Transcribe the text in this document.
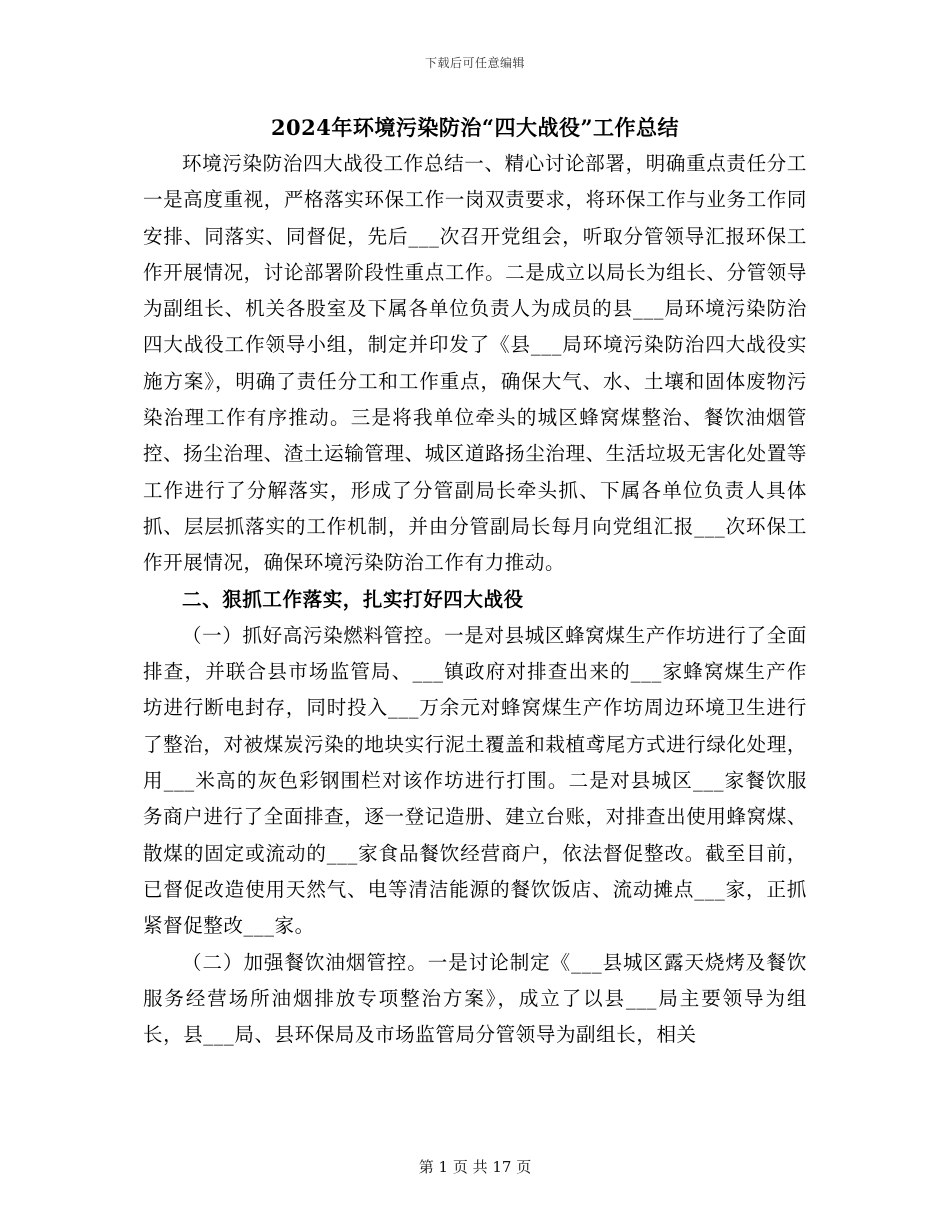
下载后可任意编辑
2024年环境污染防治“四大战役”工作总结

环境污染防治四大战役工作总结一、精心讨论部署，明确重点责任分工一是高度重视，严格落实环保工作一岗双责要求，将环保工作与业务工作同安排、同落实、同督促，先后___次召开党组会，听取分管领导汇报环保工作开展情况，讨论部署阶段性重点工作。二是成立以局长为组长、分管领导为副组长、机关各股室及下属各单位负责人为成员的县___局环境污染防治四大战役工作领导小组，制定并印发了《县___局环境污染防治四大战役实施方案》，明确了责任分工和工作重点，确保大气、水、土壤和固体废物污染治理工作有序推动。三是将我单位牵头的城区蜂窝煤整治、餐饮油烟管控、扬尘治理、渣土运输管理、城区道路扬尘治理、生活垃圾无害化处置等工作进行了分解落实，形成了分管副局长牵头抓、下属各单位负责人具体抓、层层抓落实的工作机制，并由分管副局长每月向党组汇报___次环保工作开展情况，确保环境污染防治工作有力推动。

二、狠抓工作落实，扎实打好四大战役

（一）抓好高污染燃料管控。一是对县城区蜂窝煤生产作坊进行了全面排查，并联合县市场监管局、___镇政府对排查出来的___家蜂窝煤生产作坊进行断电封存，同时投入___万余元对蜂窝煤生产作坊周边环境卫生进行了整治，对被煤炭污染的地块实行泥土覆盖和栽植鸢尾方式进行绿化处理，用___米高的灰色彩钢围栏对该作坊进行打围。二是对县城区___家餐饮服务商户进行了全面排查，逐一登记造册、建立台账，对排查出使用蜂窝煤、散煤的固定或流动的___家食品餐饮经营商户，依法督促整改。截至目前，已督促改造使用天然气、电等清洁能源的餐饮饭店、流动摊点___家，正抓紧督促整改___家。

（二）加强餐饮油烟管控。一是讨论制定《___县城区露天烧烤及餐饮服务经营场所油烟排放专项整治方案》，成立了以县___局主要领导为组长，县___局、县环保局及市场监管局分管领导为副组长，相关

第 1 页 共 17 页
